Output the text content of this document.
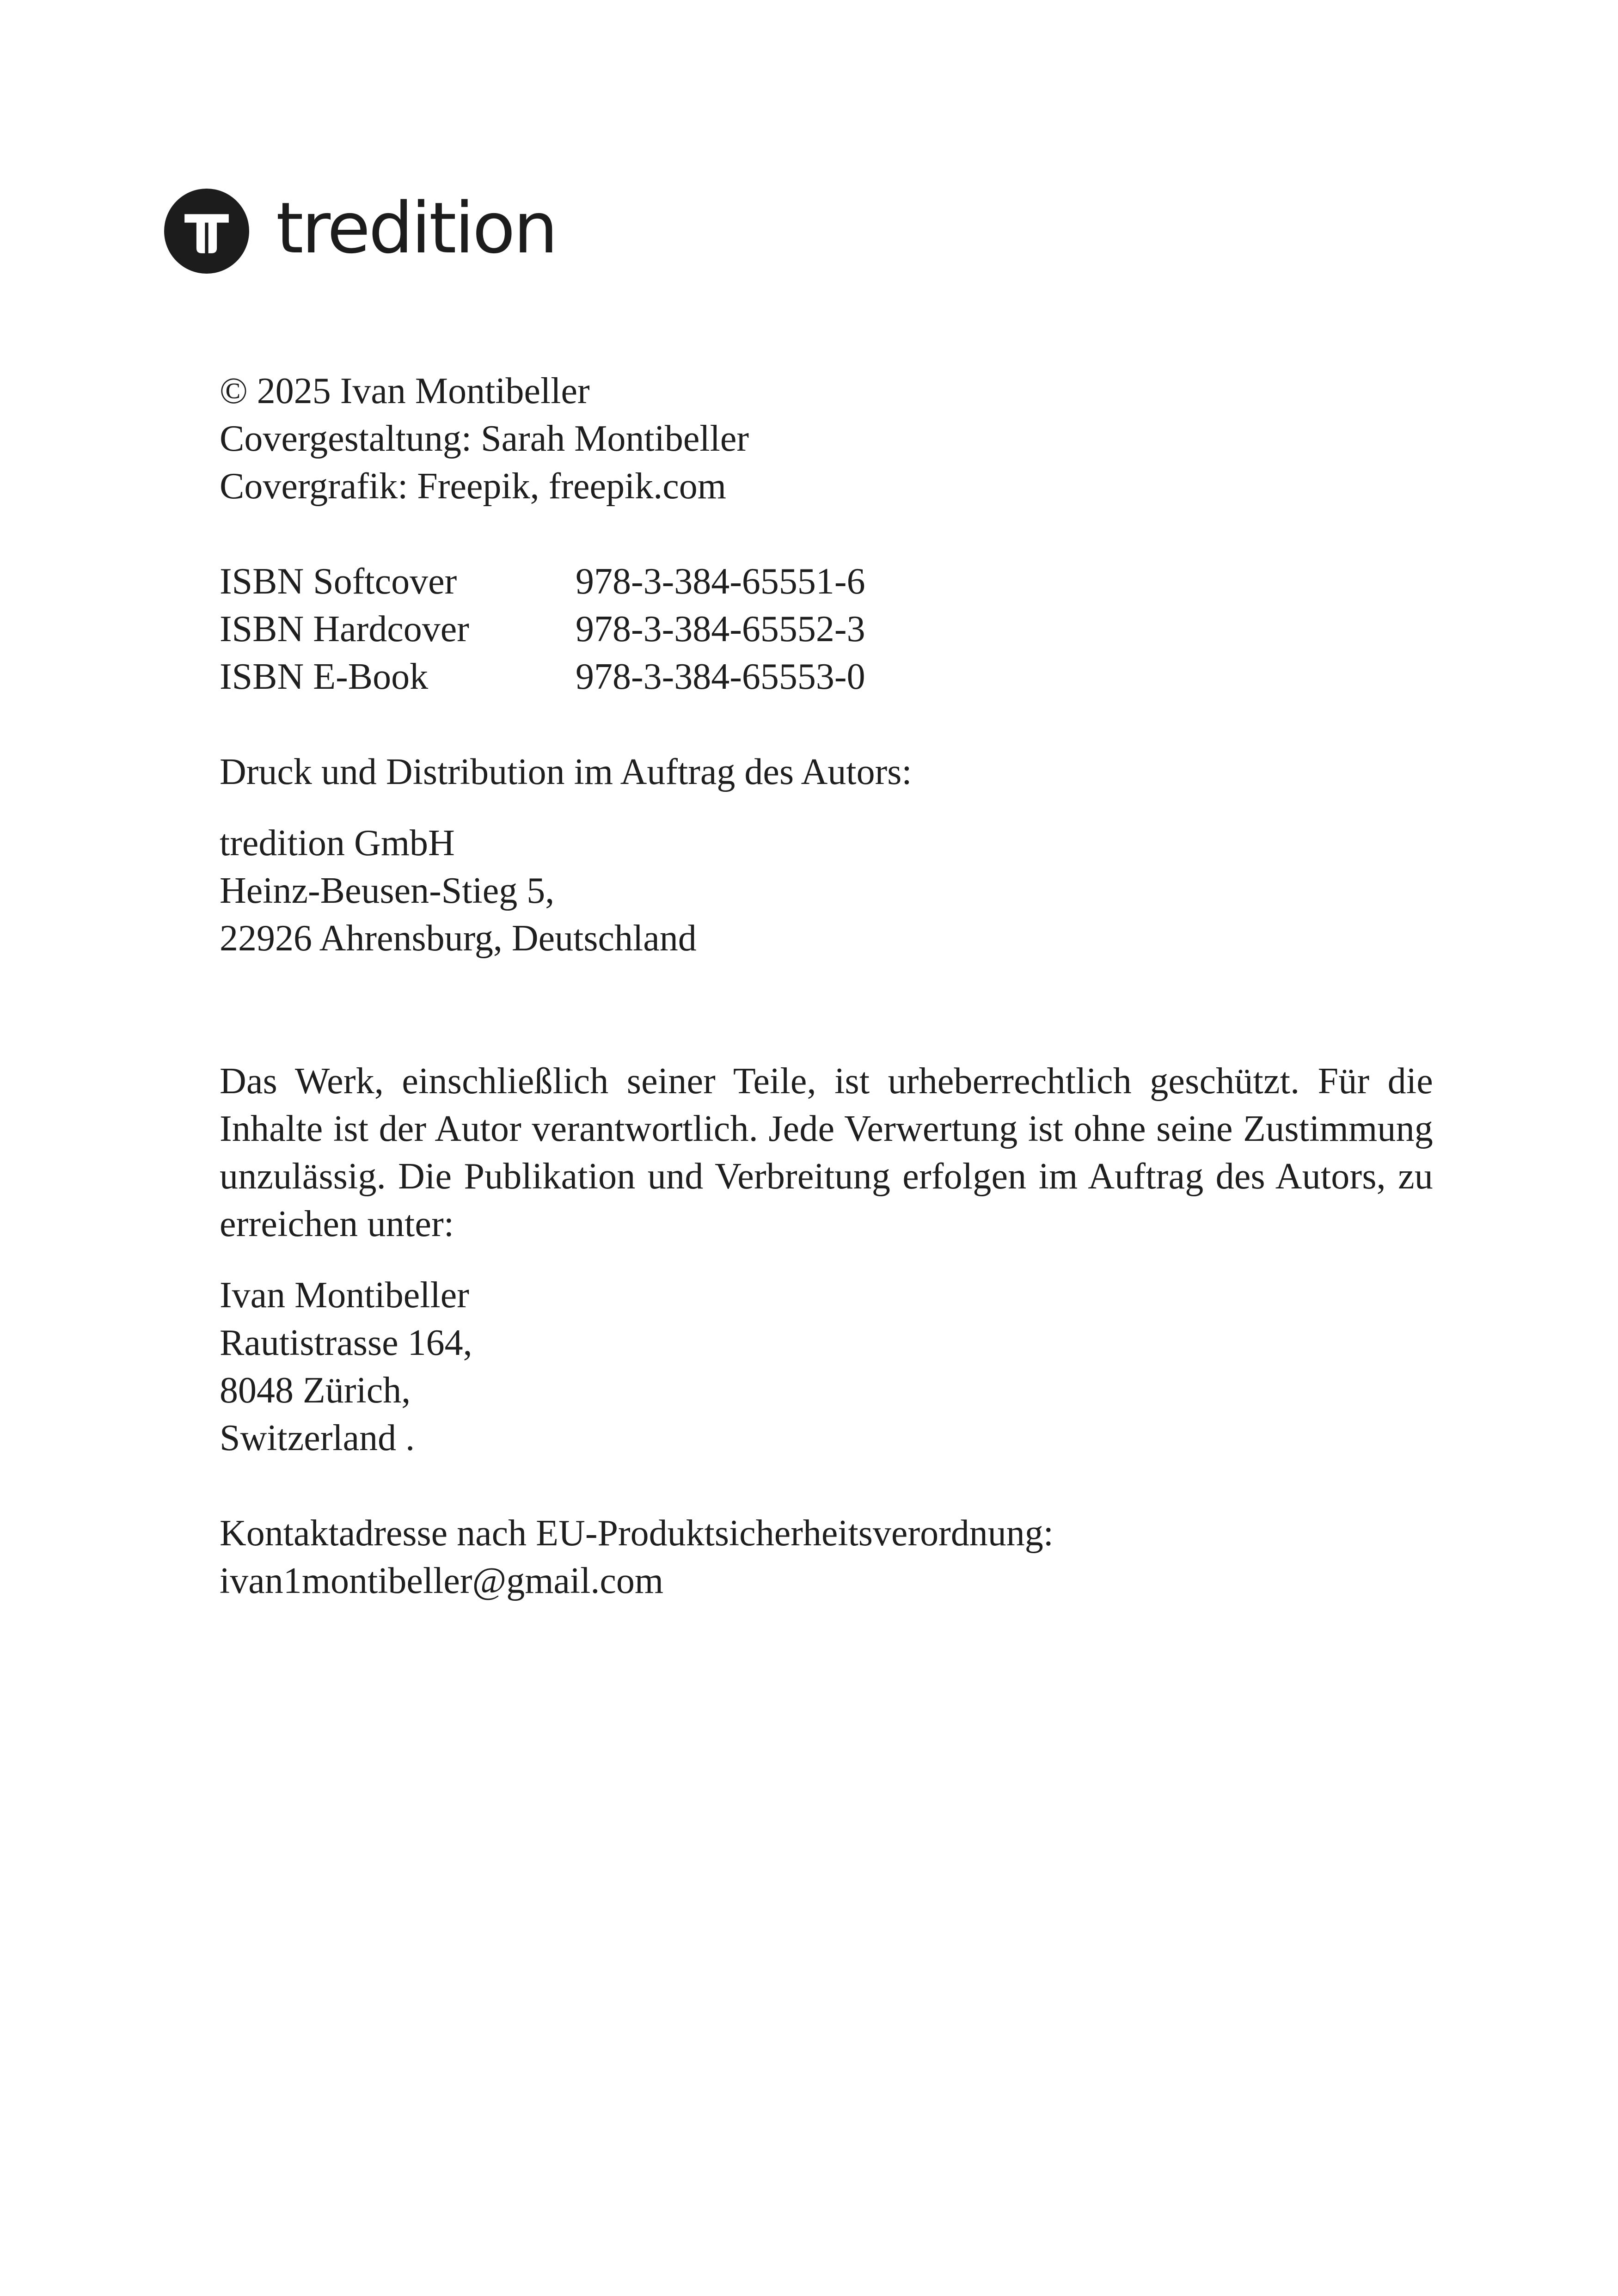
tredition
© 2025 Ivan Montibeller
Covergestaltung: Sarah Montibeller
Covergrafik: Freepik, freepik.com
ISBN Softcover	978-3-384-65551-6
ISBN Hardcover	978-3-384-65552-3
ISBN E-Book	978-3-384-65553-0
Druck und Distribution im Auftrag des Autors:
tredition GmbH
Heinz-Beusen-Stieg 5,
22926 Ahrensburg, Deutschland

Das Werk, einschließlich seiner Teile, ist urheberrechtlich geschützt. Für die Inhalte ist der Autor verantwortlich. Jede Verwertung ist ohne seine Zustimmung unzulässig. Die Publikation und Verbreitung erfolgen im Auftrag des Autors, zu erreichen unter:

Ivan Montibeller
Rautistrasse 164,
8048 Zürich,
Switzerland .
Kontaktadresse nach EU-Produktsicherheitsverordnung:
ivan1montibeller@gmail.com
